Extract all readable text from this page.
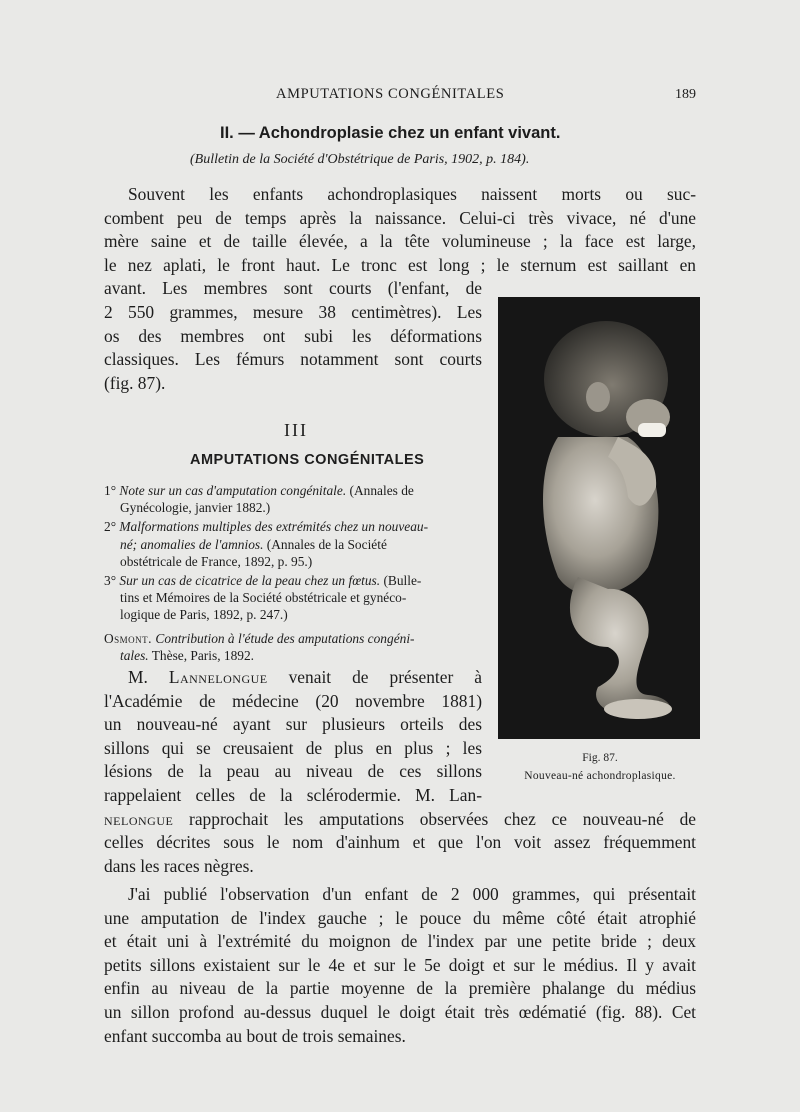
AMPUTATIONS CONGÉNITALES	189
II. — Achondroplasie chez un enfant vivant.
(Bulletin de la Société d'Obstétrique de Paris, 1902, p. 184).
Souvent les enfants achondroplasiques naissent morts ou suc-
combent peu de temps après la naissance. Celui-ci très vivace, né d'une
mère saine et de taille élevée, a la tête volumineuse ; la face est large,
le nez aplati, le front haut. Le tronc est long ; le sternum est saillant en
avant. Les membres sont courts (l'enfant, de
2 550 grammes, mesure 38 centimètres). Les
os des membres ont subi les déformations
classiques. Les fémurs notamment sont courts
(fig. 87).
III
AMPUTATIONS CONGÉNITALES
1° Note sur un cas d'amputation congénitale. (Annales de
Gynécologie, janvier 1882.)
2° Malformations multiples des extrémités chez un nouveau-
né; anomalies de l'amnios. (Annales de la Société
obstétricale de France, 1892, p. 95.)
3° Sur un cas de cicatrice de la peau chez un fœtus. (Bulle-
tins et Mémoires de la Société obstétricale et gynéco-
logique de Paris, 1892, p. 247.)
Osmont. Contribution à l'étude des amputations congéni-
tales. Thèse, Paris, 1892.
M. Lannelongue venait de présenter à
l'Académie de médecine (20 novembre 1881)
un nouveau-né ayant sur plusieurs orteils des
sillons qui se creusaient de plus en plus ; les
lésions de la peau au niveau de ces sillons
rappelaient celles de la sclérodermie. M. Lan-
nelongue rapprochait les amputations observées chez ce nouveau-né de
celles décrites sous le nom d'ainhum et que l'on voit assez fréquemment
dans les races nègres.
Fig. 87.
Nouveau-né achondroplasique.
J'ai publié l'observation d'un enfant de 2 000 grammes, qui présentait
une amputation de l'index gauche ; le pouce du même côté était atrophié
et était uni à l'extrémité du moignon de l'index par une petite bride ; deux
petits sillons existaient sur le 4e et sur le 5e doigt et sur le médius. Il y avait
enfin au niveau de la partie moyenne de la première phalange du médius
un sillon profond au-dessus duquel le doigt était très œdématié (fig. 88). Cet
enfant succomba au bout de trois semaines.
